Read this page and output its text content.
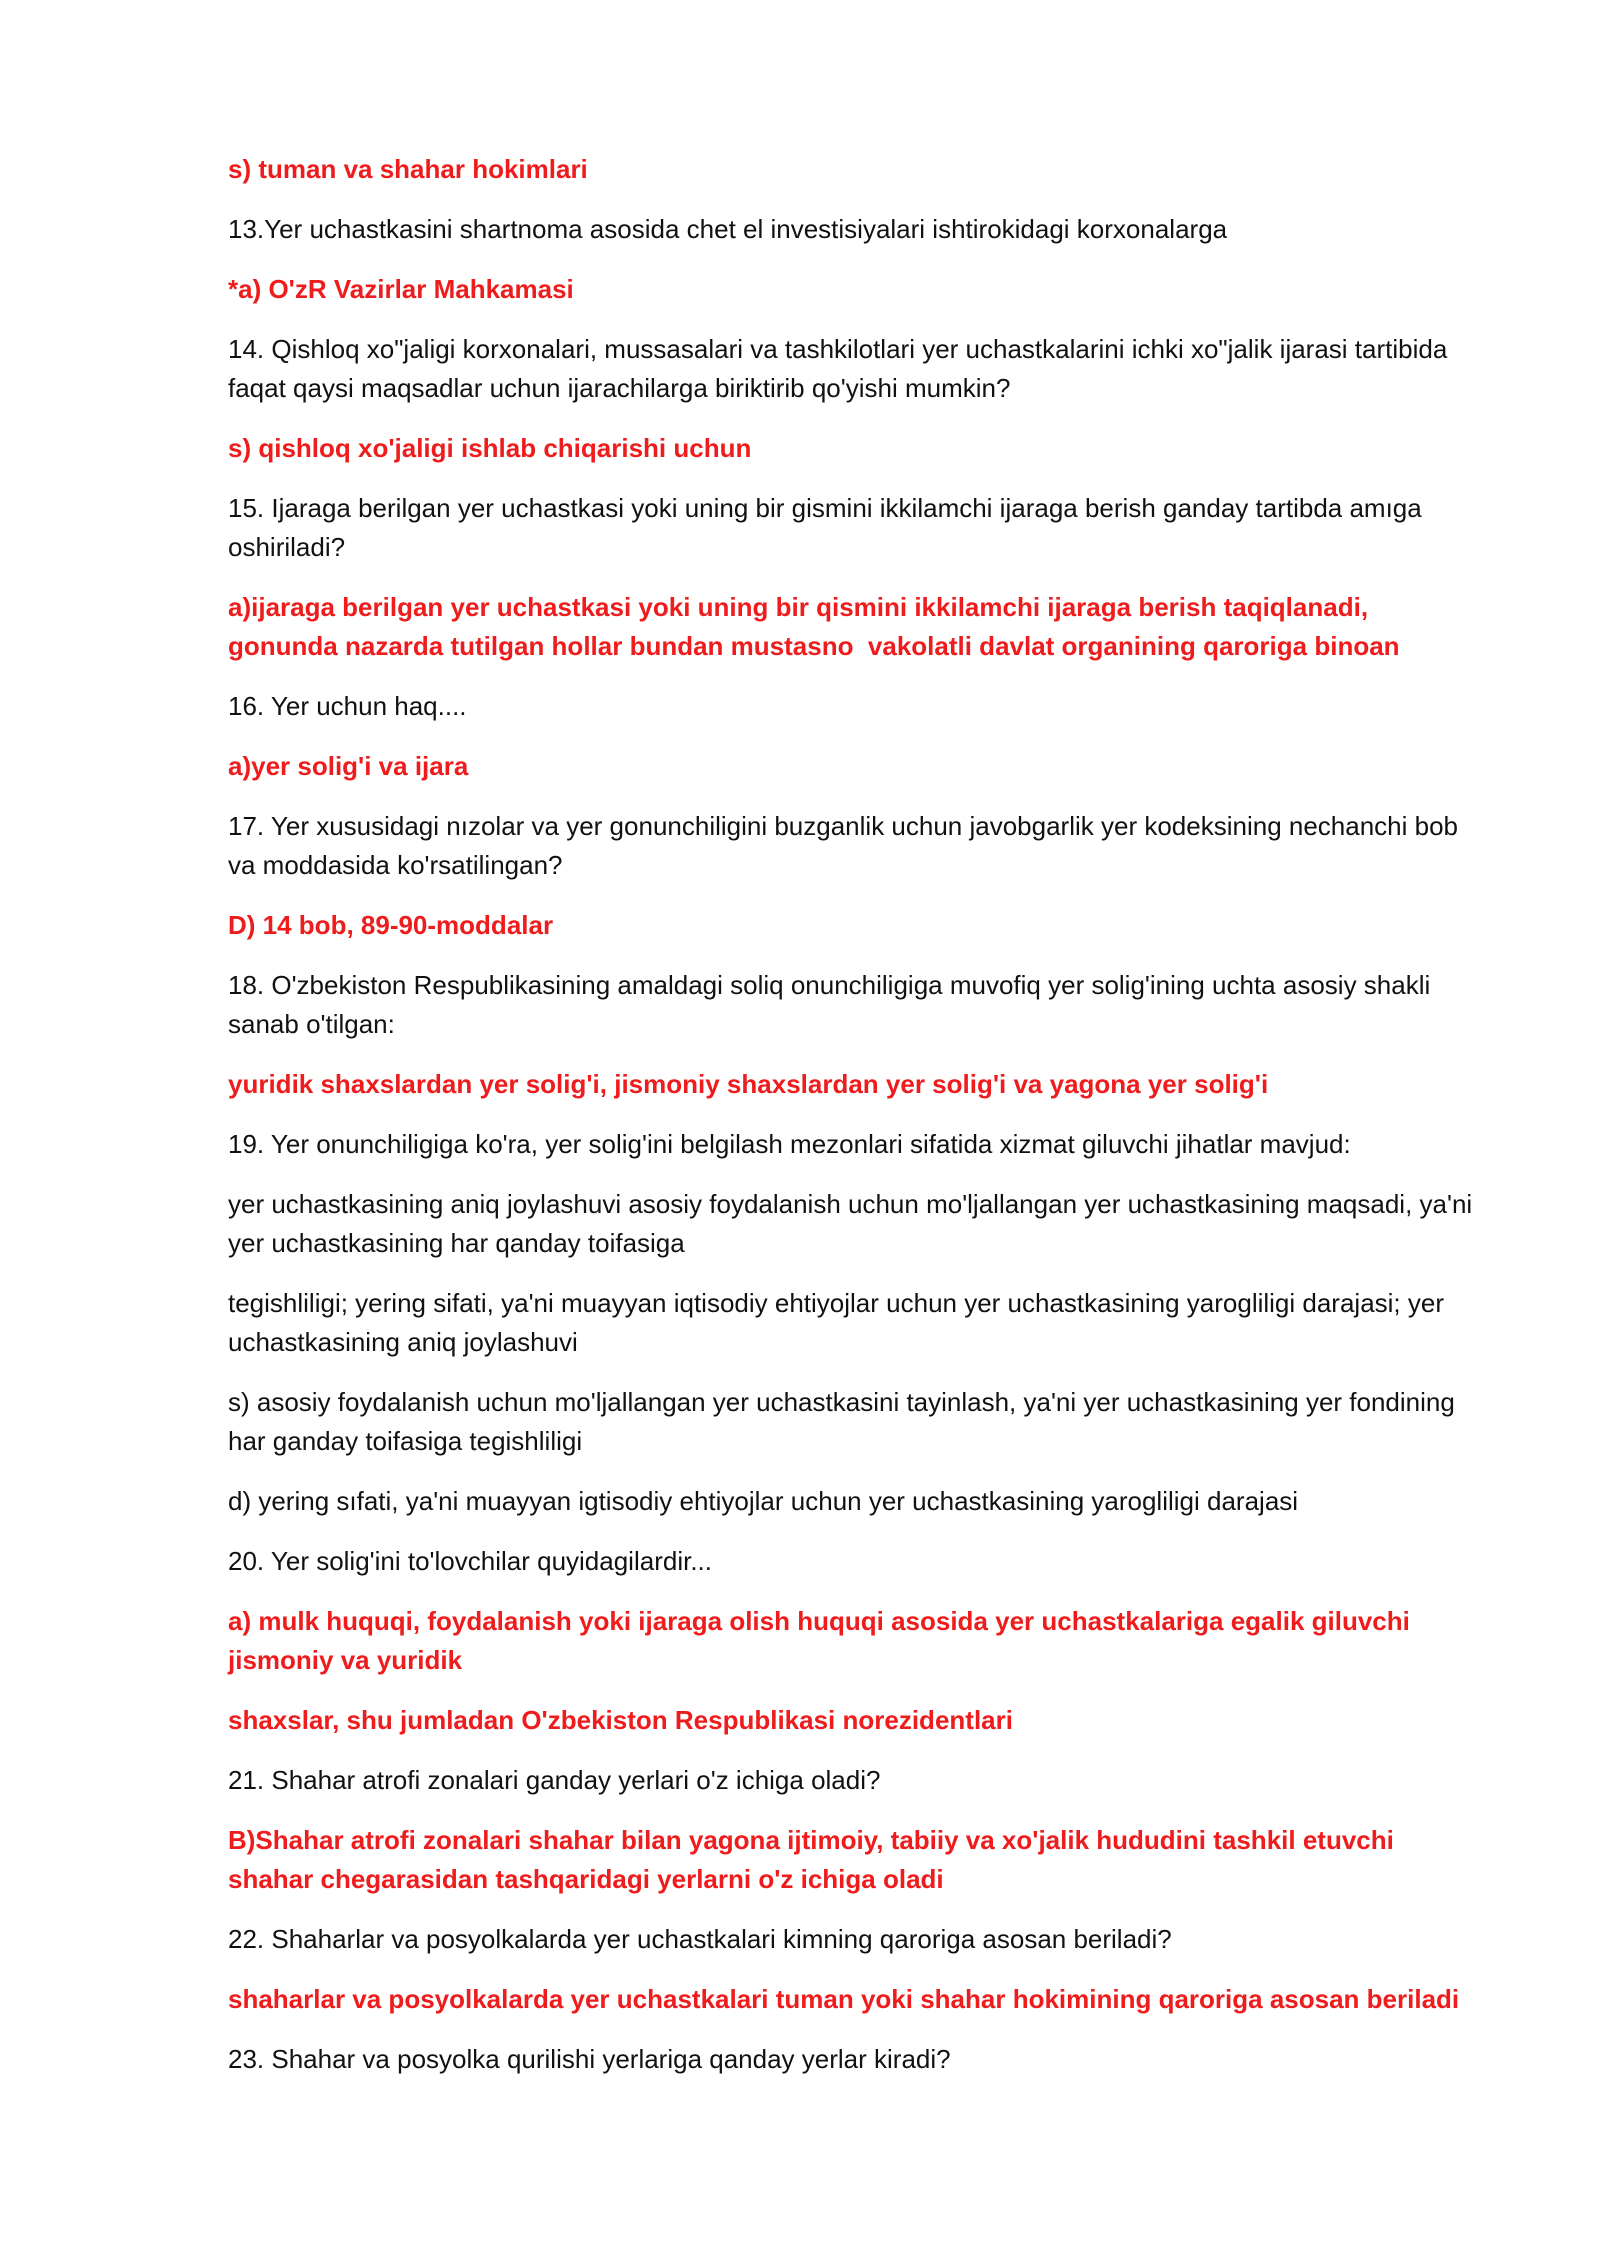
s) tuman va shahar hokimlari

13.Yer uchastkasini shartnoma asosida chet el investisiyalari ishtirokidagi korxonalarga

*a) O'zR Vazirlar Mahkamasi

14. Qishloq xo"jaligi korxonalari, mussasalari va tashkilotlari yer uchastkalarini ichki xo"jalik ijarasi tartibida faqat qaysi maqsadlar uchun ijarachilarga biriktirib qo'yishi mumkin?

s) qishloq xo'jaligi ishlab chiqarishi uchun

15. Ijaraga berilgan yer uchastkasi yoki uning bir gismini ikkilamchi ijaraga berish ganday tartibda amıga oshiriladi?

a)ijaraga berilgan yer uchastkasi yoki uning bir qismini ikkilamchi ijaraga berish taqiqlanadi, gonunda nazarda tutilgan hollar bundan mustasno  vakolatli davlat organining qaroriga binoan

16. Yer uchun haq....

a)yer solig'i va ijara

17. Yer xususidagi nızolar va yer gonunchiligini buzganlik uchun javobgarlik yer kodeksining nechanchi bob va moddasida ko'rsatilingan?

D) 14 bob, 89-90-moddalar

18. O'zbekiston Respublikasining amaldagi soliq onunchiligiga muvofiq yer solig'ining uchta asosiy shakli sanab o'tilgan:

yuridik shaxslardan yer solig'i, jismoniy shaxslardan yer solig'i va yagona yer solig'i

19. Yer onunchiligiga ko'ra, yer solig'ini belgilash mezonlari sifatida xizmat giluvchi jihatlar mavjud:

yer uchastkasining aniq joylashuvi asosiy foydalanish uchun mo'ljallangan yer uchastkasining maqsadi, ya'ni yer uchastkasining har qanday toifasiga

tegishliligi; yering sifati, ya'ni muayyan iqtisodiy ehtiyojlar uchun yer uchastkasining yarogliligi darajasi; yer uchastkasining aniq joylashuvi

s) asosiy foydalanish uchun mo'ljallangan yer uchastkasini tayinlash, ya'ni yer uchastkasining yer fondining har ganday toifasiga tegishliligi

d) yering sıfati, ya'ni muayyan igtisodiy ehtiyojlar uchun yer uchastkasining yarogliligi darajasi

20. Yer solig'ini to'lovchilar quyidagilardir...

a) mulk huquqi, foydalanish yoki ijaraga olish huquqi asosida yer uchastkalariga egalik giluvchi jismoniy va yuridik

shaxslar, shu jumladan O'zbekiston Respublikasi norezidentlari

21. Shahar atrofi zonalari ganday yerlari o'z ichiga oladi?

B)Shahar atrofi zonalari shahar bilan yagona ijtimoiy, tabiiy va xo'jalik hududini tashkil etuvchi shahar chegarasidan tashqaridagi yerlarni o'z ichiga oladi

22. Shaharlar va posyolkalarda yer uchastkalari kimning qaroriga asosan beriladi?

shaharlar va posyolkalarda yer uchastkalari tuman yoki shahar hokimining qaroriga asosan beriladi

23. Shahar va posyolka qurilishi yerlariga qanday yerlar kiradi?
